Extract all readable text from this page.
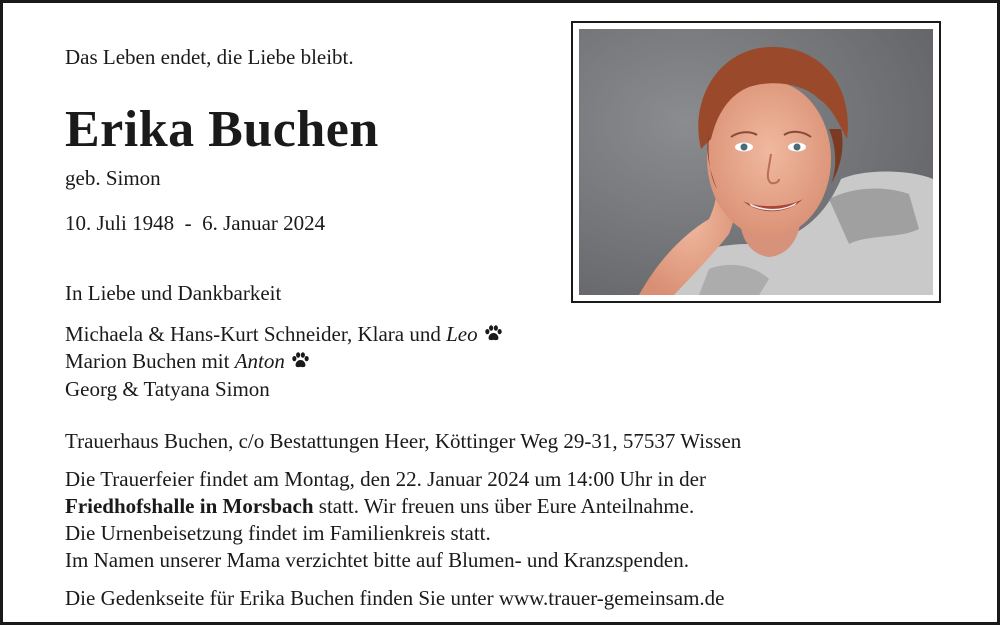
Das Leben endet, die Liebe bleibt.
Erika Buchen
geb. Simon
10. Juli 1948 - 6. Januar 2024
In Liebe und Dankbarkeit
Michaela & Hans-Kurt Schneider, Klara und Leo
Marion Buchen mit Anton
Georg & Tatyana Simon
Trauerhaus Buchen, c/o Bestattungen Heer, Köttinger Weg 29-31, 57537 Wissen
Die Trauerfeier findet am Montag, den 22. Januar 2024 um 14:00 Uhr in der
Friedhofshalle in Morsbach statt. Wir freuen uns über Eure Anteilnahme.
Die Urnenbeisetzung findet im Familienkreis statt.
Im Namen unserer Mama verzichtet bitte auf Blumen- und Kranzspenden.
Die Gedenkseite für Erika Buchen finden Sie unter www.trauer-gemeinsam.de
